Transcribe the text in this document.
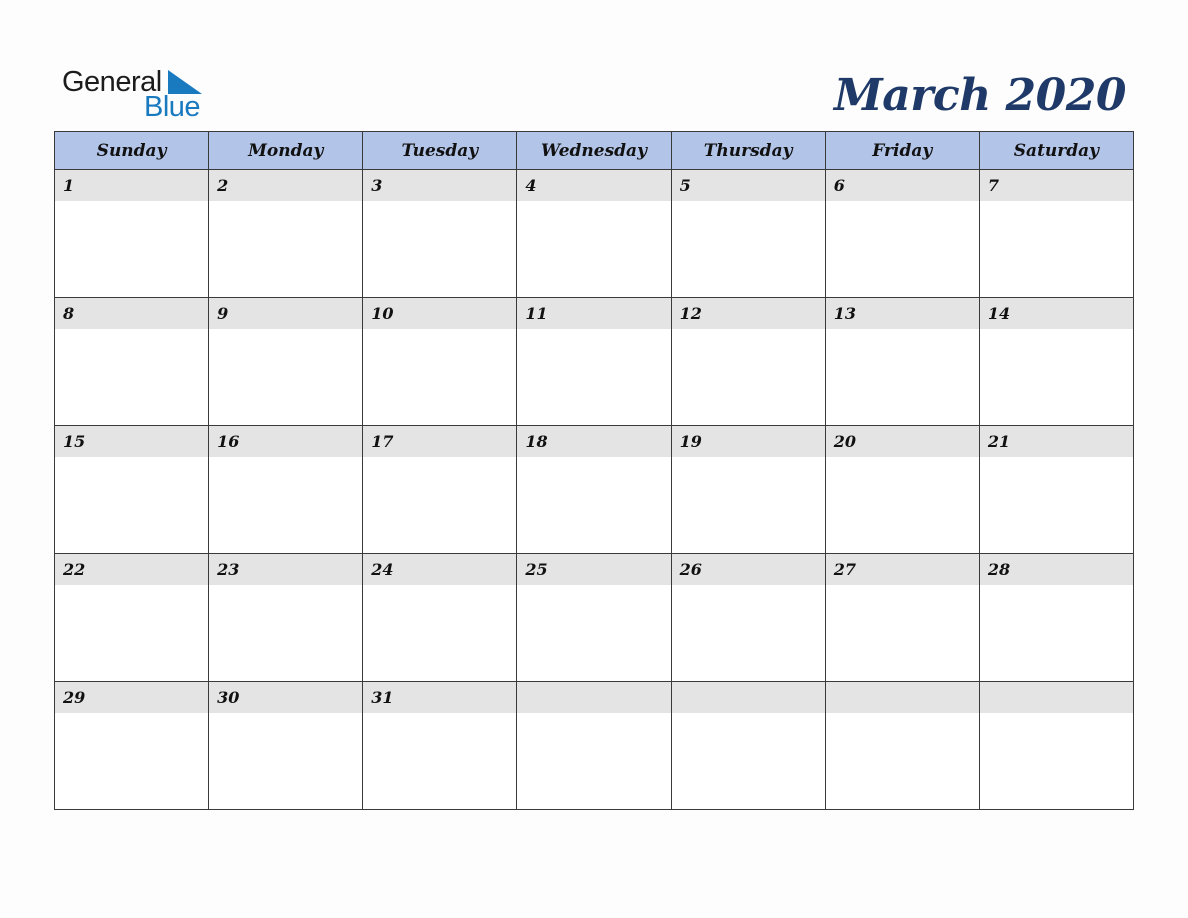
General
Blue	March 2020
Sunday	Monday	Tuesday	Wednesday	Thursday	Friday	Saturday
1	2	3	4	5	6	7
8	9	10	11	12	13	14
15	16	17	18	19	20	21
22	23	24	25	26	27	28
29	30	31
